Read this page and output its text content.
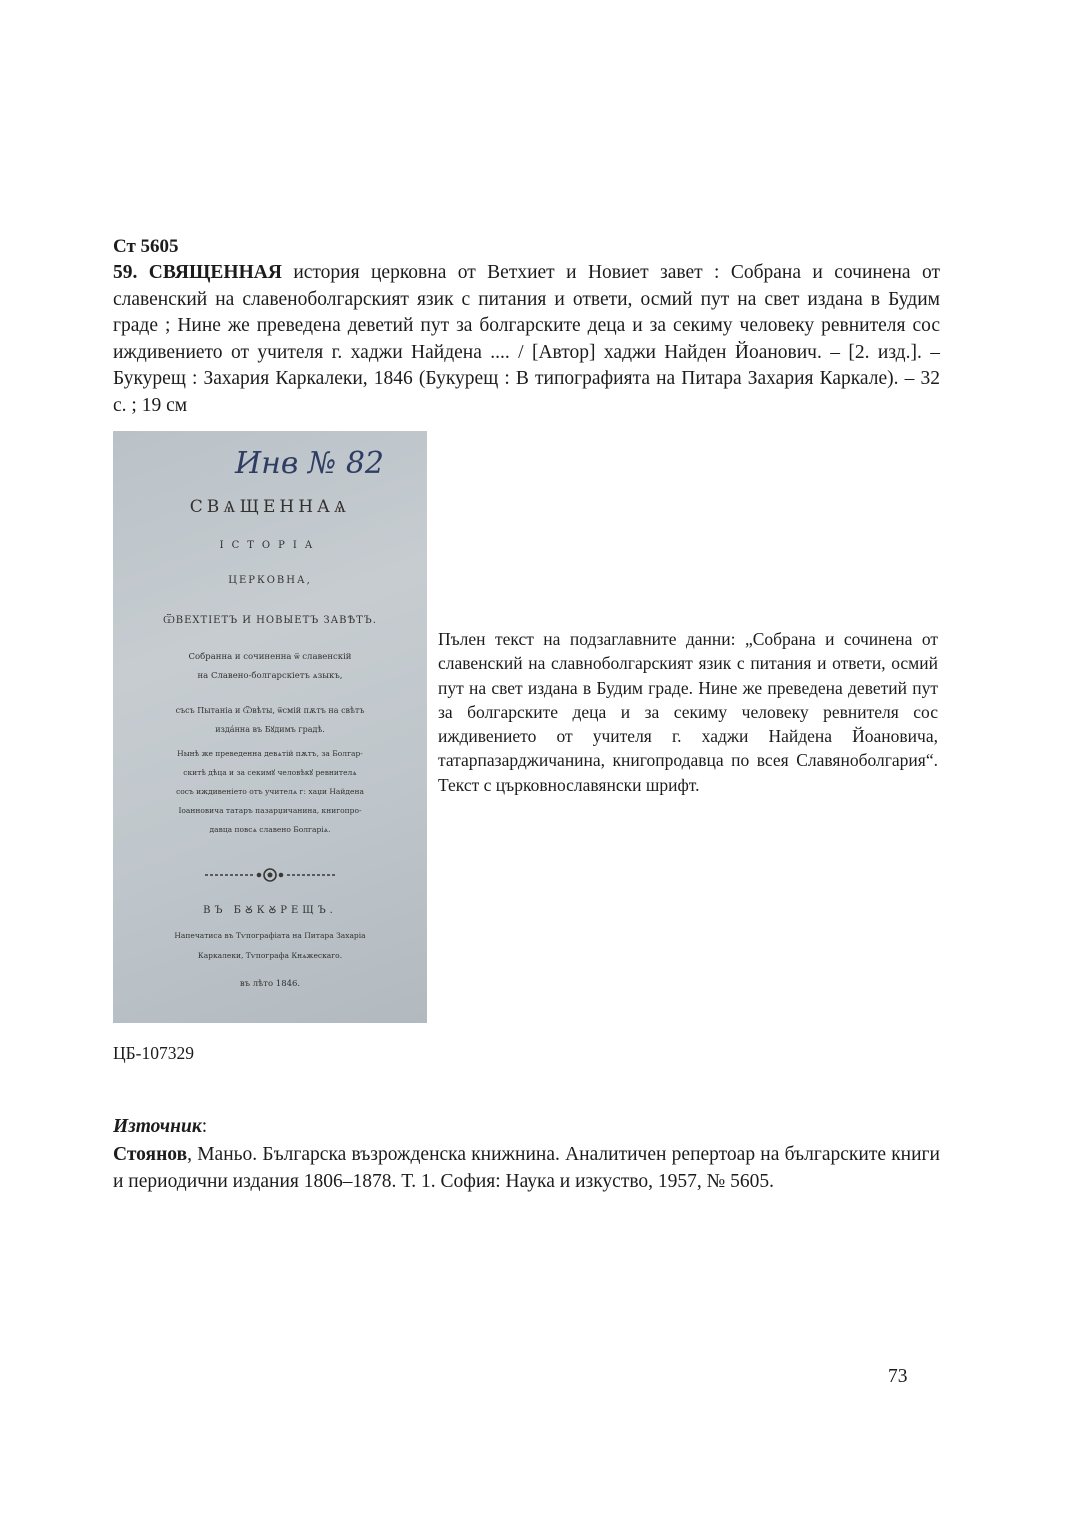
Ст 5605
59. СВЯЩЕННАЯ история церковна от Ветхиет и Новиет завет : Собрана и сочинена от славенский на славеноболгарският язик с питания и ответи, осмий пут на свет издана в Будим граде ; Нине же преведена деветий пут за болгарските деца и за секиму человеку ревнителя сос иждивението от учителя г. хаджи Найдена .... / [Автор] хаджи Найден Йоанович. – [2. изд.]. – Букурещ : Захария Каркалеки, 1846 (Букурещ : В типографията на Питара Захария Каркале). – 32 с. ; 19 см
Инв № 82
СВѦЩЕННАѦ
ІСТОРІА
ЦЕРКОВНА,
ѾВЕХТІЕТЪ И НОВЫЕТЪ ЗАВѢТЪ.
Собранна и сочиненна ѿ славенскій
на Славено-болгарскіетъ ѧзыкъ,
съсъ Пытаніа и Ѿвѣты, ѿсмій пѫтъ на свѣтъ
издáнна въ Бꙋдимъ градѣ.
Нынѣ же преведенна девѧтій пѫтъ, за Болгар-
скитѣ дѣца и за секимꙋ человѣкꙋ ревнителѧ
сосъ иждивеніето отъ учителѧ г: хаџи Найдена
Іоанновича татаръ пазарџичанина, книгопро-
давца повсѧ славено Болгаріѧ.
ВЪ БꙊКꙊРЕЩЪ.
Напечатиса въ Тѵпографіата на Питара Захаріа
Каркалеки, Тѵпографа Кнѧжескаго.
въ лѣто 1846.
Пълен текст на подзаглавните данни: „Собрана и сочинена от славенский на славноболгарският язик с питания и ответи, осмий пут на свет издана в Будим граде. Нине же преведена деветий пут за болгарските деца и за секиму человеку ревнителя сос иждивението от учителя г. хаджи Найдена Йоановича, татарпазарджичанина, книгопродавца по всея Славяноболгария“. Текст с църковнославянски шрифт.
ЦБ-107329
Източник:
Стоянов, Маньо. Българска възрожденска книжнина. Аналитичен репертоар на българските книги и периодични издания 1806–1878. Т. 1. София: Наука и изкуство, 1957, № 5605.
73
